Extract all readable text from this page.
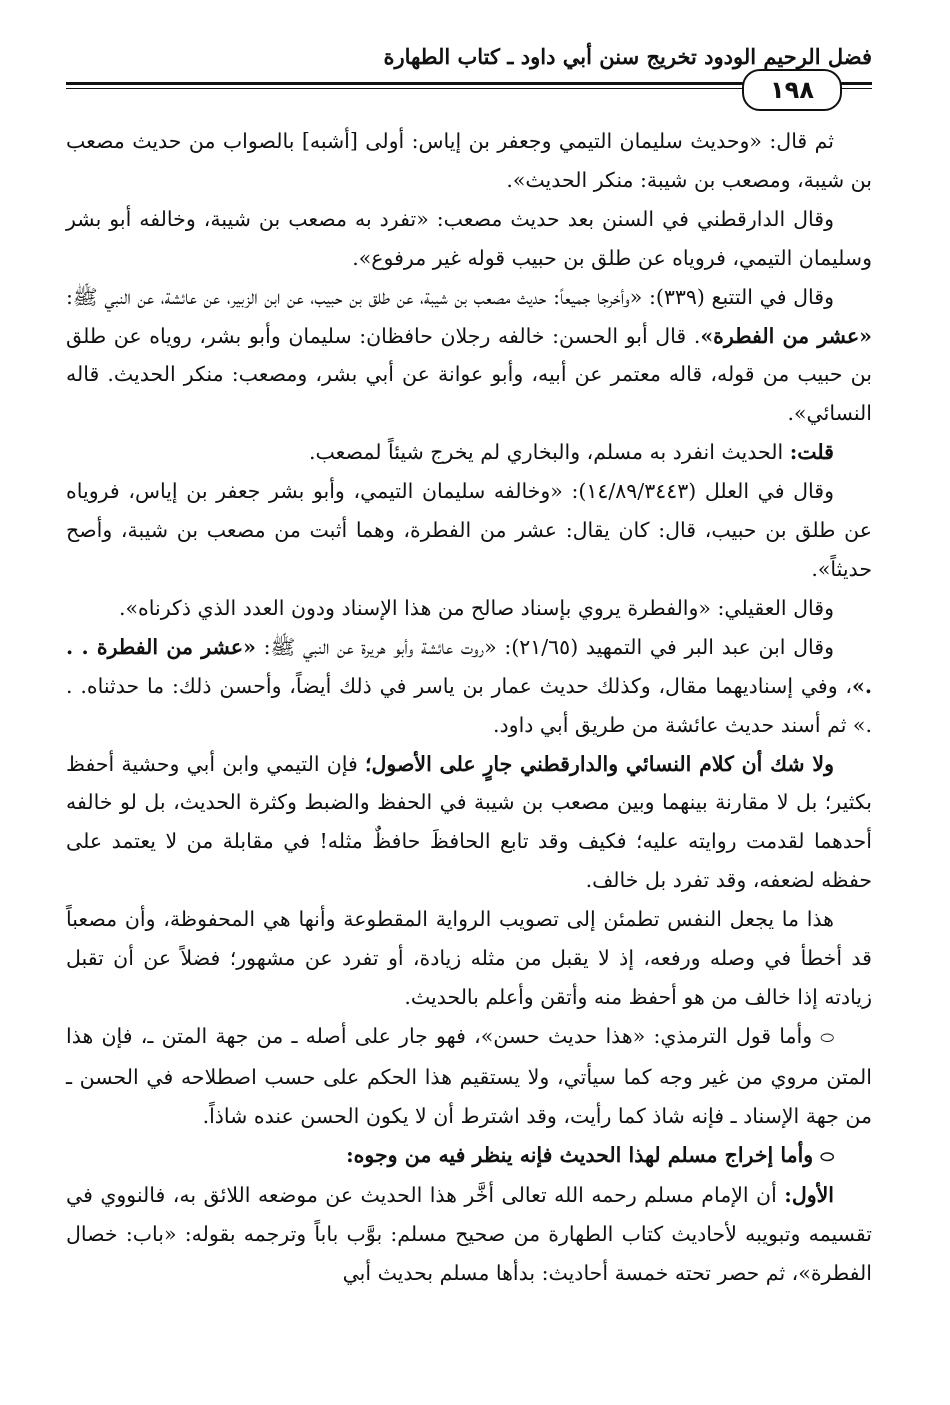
فضل الرحيم الودود تخريج سنن أبي داود ـ كتاب الطهارة
١٩٨

ثم قال: «وحديث سليمان التيمي وجعفر بن إياس: أولى [أشبه] بالصواب من حديث مصعب بن شيبة، ومصعب بن شيبة: منكر الحديث».

وقال الدارقطني في السنن بعد حديث مصعب: «تفرد به مصعب بن شيبة، وخالفه أبو بشر وسليمان التيمي، فروياه عن طلق بن حبيب قوله غير مرفوع».

وقال في التتبع (٣٣٩): «وأخرجا جميعاً: حديث مصعب بن شيبة، عن طلق بن حبيب، عن ابن الزبير، عن عائشة، عن النبي ﷺ: «عشر من الفطرة». قال أبو الحسن: خالفه رجلان حافظان: سليمان وأبو بشر، روياه عن طلق بن حبيب من قوله، قاله معتمر عن أبيه، وأبو عوانة عن أبي بشر، ومصعب: منكر الحديث. قاله النسائي».

قلت: الحديث انفرد به مسلم، والبخاري لم يخرج شيئاً لمصعب.

وقال في العلل (١٤/٨٩/٣٤٤٣): «وخالفه سليمان التيمي، وأبو بشر جعفر بن إياس، فروياه عن طلق بن حبيب، قال: كان يقال: عشر من الفطرة، وهما أثبت من مصعب بن شيبة، وأصح حديثاً».

وقال العقيلي: «والفطرة يروي بإسناد صالح من هذا الإسناد ودون العدد الذي ذكرناه».

وقال ابن عبد البر في التمهيد (٢١/٦٥): «روت عائشة وأبو هريرة عن النبي ﷺ: «عشر من الفطرة . . .»، وفي إسناديهما مقال، وكذلك حديث عمار بن ياسر في ذلك أيضاً، وأحسن ذلك: ما حدثناه. . .» ثم أسند حديث عائشة من طريق أبي داود.

ولا شك أن كلام النسائي والدارقطني جارٍ على الأصول؛ فإن التيمي وابن أبي وحشية أحفظ بكثير؛ بل لا مقارنة بينهما وبين مصعب بن شيبة في الحفظ والضبط وكثرة الحديث، بل لو خالفه أحدهما لقدمت روايته عليه؛ فكيف وقد تابع الحافظَ حافظٌ مثله! في مقابلة من لا يعتمد على حفظه لضعفه، وقد تفرد بل خالف.

هذا ما يجعل النفس تطمئن إلى تصويب الرواية المقطوعة وأنها هي المحفوظة، وأن مصعباً قد أخطأ في وصله ورفعه، إذ لا يقبل من مثله زيادة، أو تفرد عن مشهور؛ فضلاً عن أن تقبل زيادته إذا خالف من هو أحفظ منه وأتقن وأعلم بالحديث.

⬭ وأما قول الترمذي: «هذا حديث حسن»، فهو جار على أصله ـ من جهة المتن ـ، فإن هذا المتن مروي من غير وجه كما سيأتي، ولا يستقيم هذا الحكم على حسب اصطلاحه في الحسن ـ من جهة الإسناد ـ فإنه شاذ كما رأيت، وقد اشترط أن لا يكون الحسن عنده شاذاً.

⬭ وأما إخراج مسلم لهذا الحديث فإنه ينظر فيه من وجوه:

الأول: أن الإمام مسلم رحمه الله تعالى أخَّر هذا الحديث عن موضعه اللائق به، فالنووي في تقسيمه وتبويبه لأحاديث كتاب الطهارة من صحيح مسلم: بوَّب باباً وترجمه بقوله: «باب: خصال الفطرة»، ثم حصر تحته خمسة أحاديث: بدأها مسلم بحديث أبي
